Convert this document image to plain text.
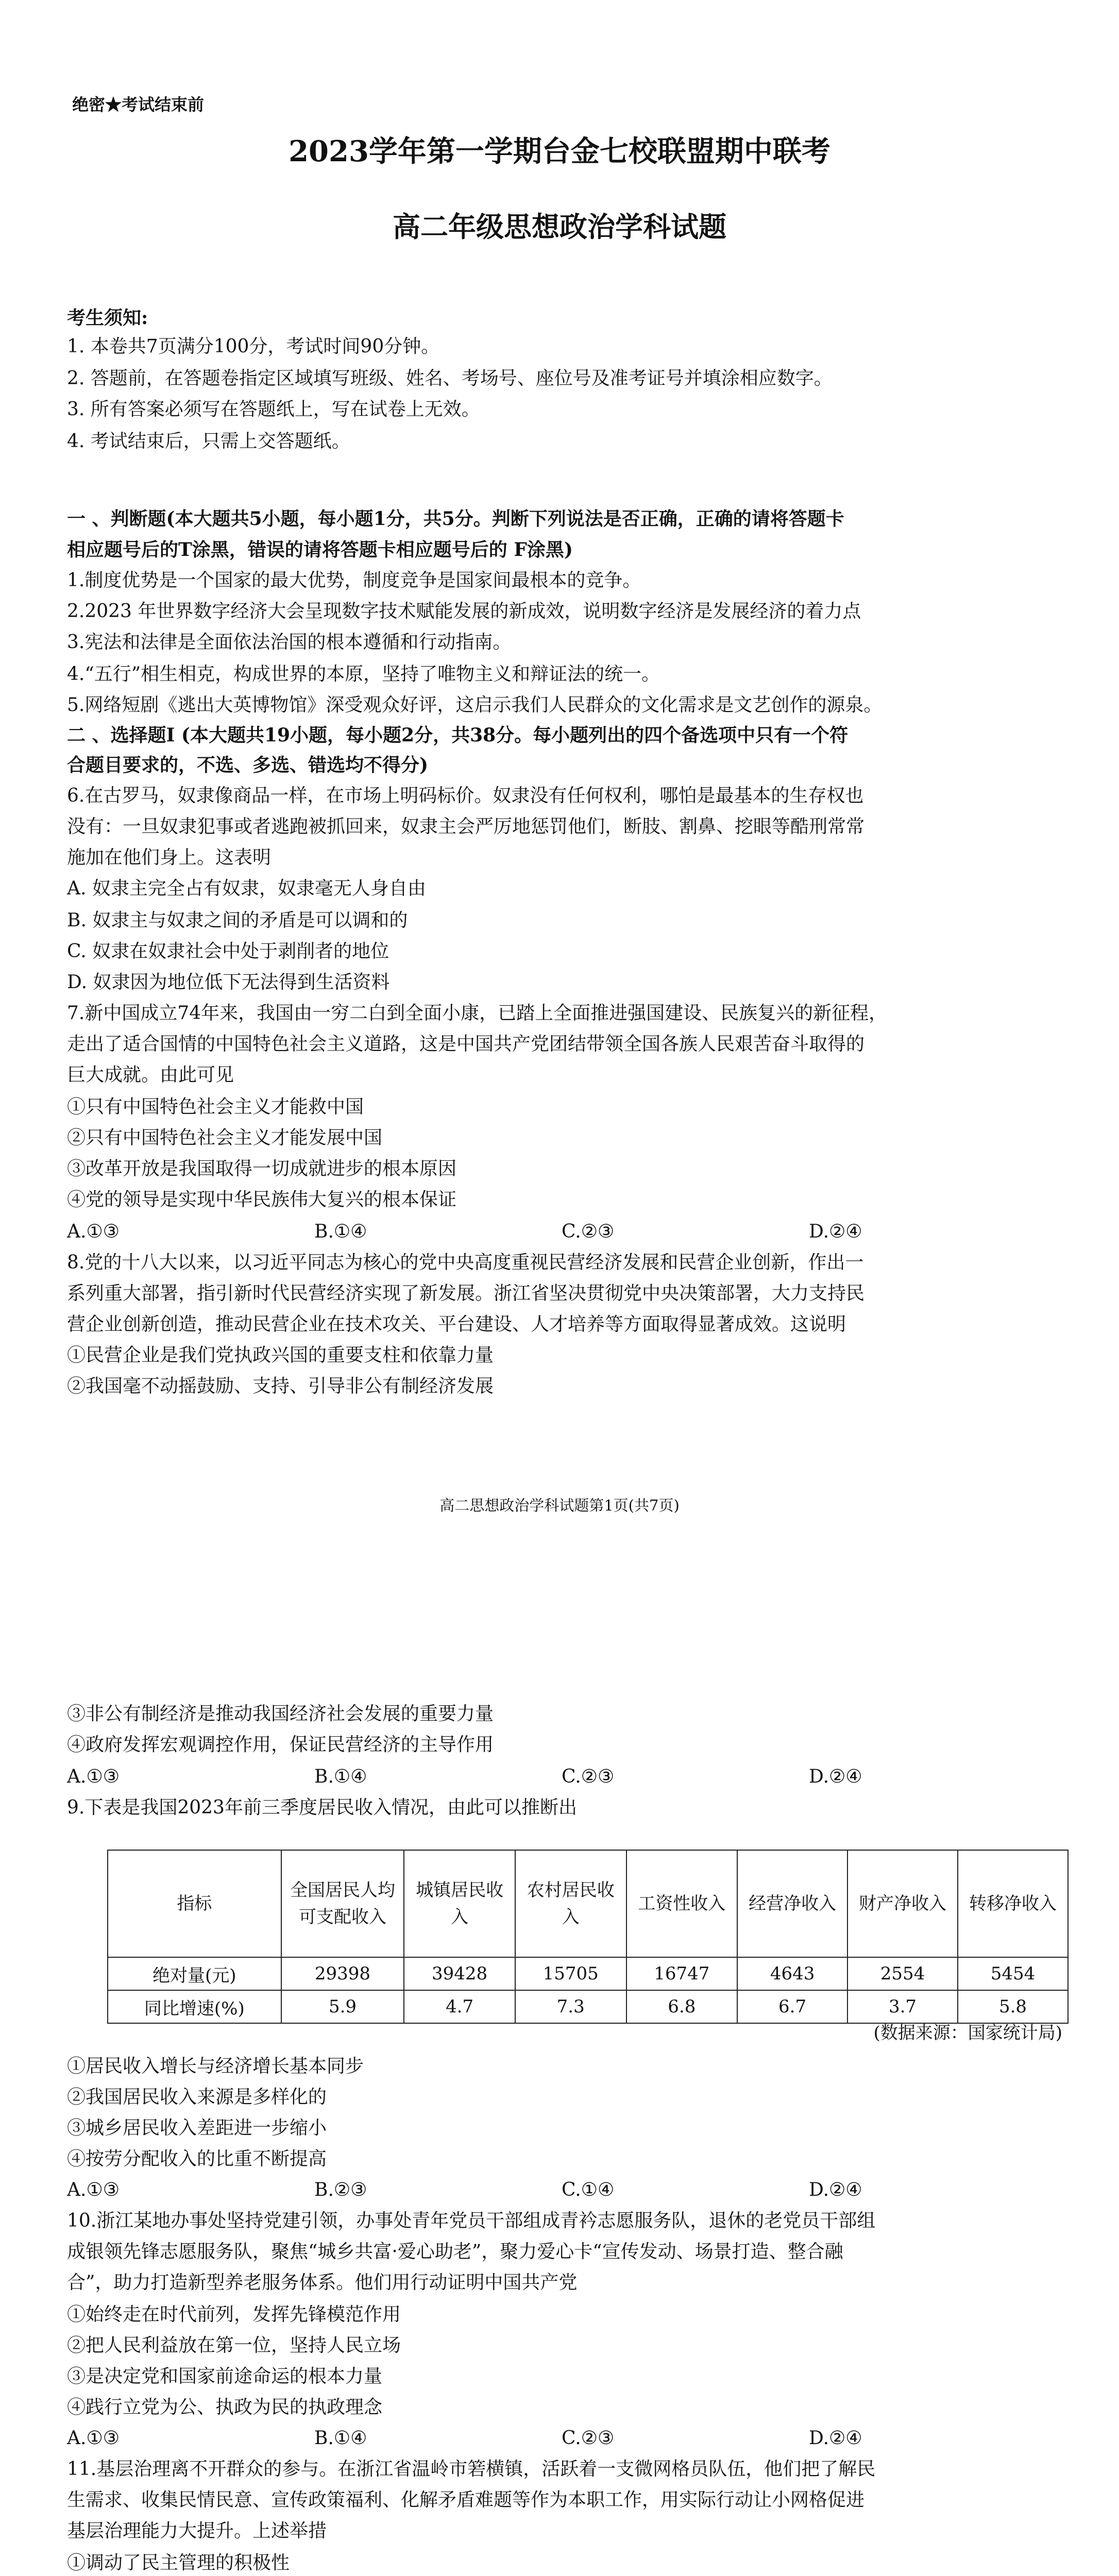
绝密★考试结束前
2023学年第一学期台金七校联盟期中联考
高二年级思想政治学科试题
考生须知:
1. 本卷共7页满分100分，考试时间90分钟。
2. 答题前，在答题卷指定区域填写班级、姓名、考场号、座位号及准考证号并填涂相应数字。
3. 所有答案必须写在答题纸上，写在试卷上无效。
4. 考试结束后，只需上交答题纸。
一 、判断题(本大题共5小题，每小题1分，共5分。判断下列说法是否正确，正确的请将答题卡
相应题号后的T涂黑，错误的请将答题卡相应题号后的 F涂黑)
1.制度优势是一个国家的最大优势，制度竞争是国家间最根本的竞争。
2.2023 年世界数字经济大会呈现数字技术赋能发展的新成效，说明数字经济是发展经济的着力点
3.宪法和法律是全面依法治国的根本遵循和行动指南。
4.“五行”相生相克，构成世界的本原，坚持了唯物主义和辩证法的统一。
5.网络短剧《逃出大英博物馆》深受观众好评，这启示我们人民群众的文化需求是文艺创作的源泉。
二 、选择题Ⅰ (本大题共19小题，每小题2分，共38分。每小题列出的四个备选项中只有一个符
合题目要求的，不选、多选、错选均不得分)
6.在古罗马，奴隶像商品一样，在市场上明码标价。奴隶没有任何权利，哪怕是最基本的生存权也
没有：一旦奴隶犯事或者逃跑被抓回来，奴隶主会严厉地惩罚他们，断肢、割鼻、挖眼等酷刑常常
施加在他们身上。这表明
A. 奴隶主完全占有奴隶，奴隶毫无人身自由
B. 奴隶主与奴隶之间的矛盾是可以调和的
C. 奴隶在奴隶社会中处于剥削者的地位
D. 奴隶因为地位低下无法得到生活资料
7.新中国成立74年来，我国由一穷二白到全面小康，已踏上全面推进强国建设、民族复兴的新征程，
走出了适合国情的中国特色社会主义道路，这是中国共产党团结带领全国各族人民艰苦奋斗取得的
巨大成就。由此可见
①只有中国特色社会主义才能救中国
②只有中国特色社会主义才能发展中国
③改革开放是我国取得一切成就进步的根本原因
④党的领导是实现中华民族伟大复兴的根本保证
A.①③	B.①④	C.②③	D.②④
8.党的十八大以来，以习近平同志为核心的党中央高度重视民营经济发展和民营企业创新，作出一
系列重大部署，指引新时代民营经济实现了新发展。浙江省坚决贯彻党中央决策部署，大力支持民
营企业创新创造，推动民营企业在技术攻关、平台建设、人才培养等方面取得显著成效。这说明
①民营企业是我们党执政兴国的重要支柱和依靠力量
②我国毫不动摇鼓励、支持、引导非公有制经济发展
高二思想政治学科试题第1页(共7页)
③非公有制经济是推动我国经济社会发展的重要力量
④政府发挥宏观调控作用，保证民营经济的主导作用
A.①③	B.①④	C.②③	D.②④
9.下表是我国2023年前三季度居民收入情况，由此可以推断出
指标	全国居民人均可支配收入	城镇居民收入	农村居民收入	工资性收入	经营净收入	财产净收入	转移净收入
绝对量(元)	29398	39428	15705	16747	4643	2554	5454
同比增速(%)	5.9	4.7	7.3	6.8	6.7	3.7	5.8
(数据来源：国家统计局)
①居民收入增长与经济增长基本同步
②我国居民收入来源是多样化的
③城乡居民收入差距进一步缩小
④按劳分配收入的比重不断提高
A.①③	B.②③	C.①④	D.②④
10.浙江某地办事处坚持党建引领，办事处青年党员干部组成青衿志愿服务队，退休的老党员干部组
成银领先锋志愿服务队，聚焦“城乡共富·爱心助老”，聚力爱心卡“宣传发动、场景打造、整合融
合”，助力打造新型养老服务体系。他们用行动证明中国共产党
①始终走在时代前列，发挥先锋模范作用
②把人民利益放在第一位，坚持人民立场
③是决定党和国家前途命运的根本力量
④践行立党为公、执政为民的执政理念
A.①③	B.①④	C.②③	D.②④
11.基层治理离不开群众的参与。在浙江省温岭市箬横镇，活跃着一支微网格员队伍，他们把了解民
生需求、收集民情民意、宣传政策福利、化解矛盾难题等作为本职工作，用实际行动让小网格促进
基层治理能力大提升。上述举措
①调动了民主管理的积极性
